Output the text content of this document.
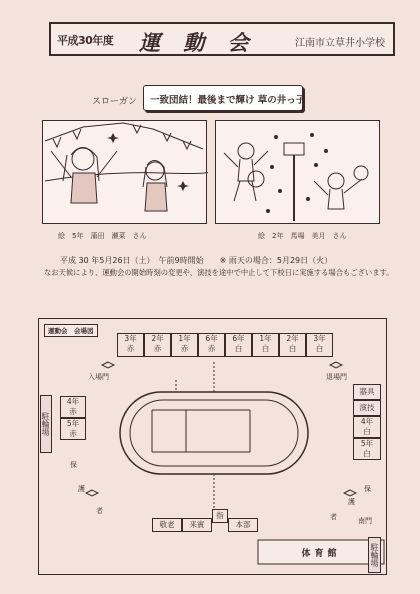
平成30年度 運 動 会	江南市立草井小学校
スローガン 一致団結！最後まで輝け 草の井っ子
絵　5年　蒲田　瀬菜　さん	絵　2年　馬場　美月　さん
平成 30 年5月26日（土）　午前9時開始　　※ 雨天の場合：5月29日（火）
なお天候により、運動会の開始時刻の変更や、演技を途中で中止して下校日に実施する場合もございます。
運動会　会場図
3年
赤
2年
赤
1年
赤
6年
赤
6年
白
1年
白
2年
白
3年
白
駐輪場
4年
赤
5年
赤
器具
演技
4年
白
5年
白
入場門	退場門
南門
保
護
者
保
護
者
敬老	来賓
指
本部
体育館	駐輪場
